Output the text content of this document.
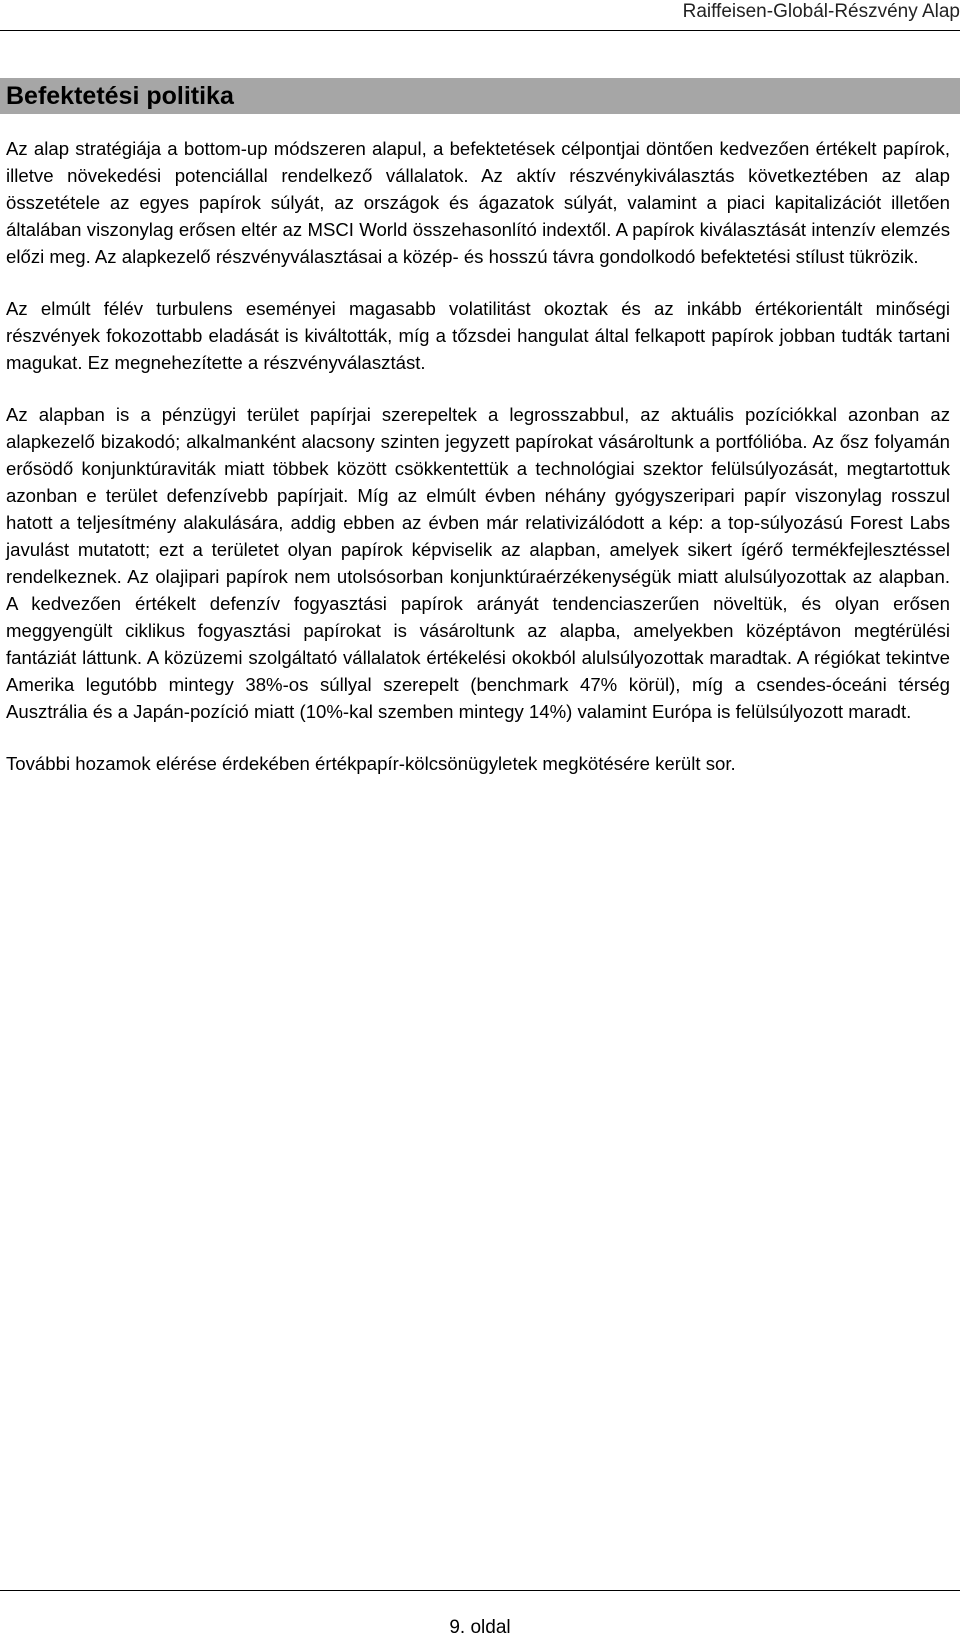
Raiffeisen-Globál-Részvény Alap
Befektetési politika

Az alap stratégiája a bottom-up módszeren alapul, a befektetések célpontjai döntően kedvezően értékelt papírok, illetve növekedési potenciállal rendelkező vállalatok. Az aktív részvénykiválasztás következtében az alap összetétele az egyes papírok súlyát, az országok és ágazatok súlyát, valamint a piaci kapitalizációt illetően általában viszonylag erősen eltér az MSCI World összehasonlító indextől. A papírok kiválasztását intenzív elemzés előzi meg. Az alapkezelő részvényválasztásai a közép- és hosszú távra gondolkodó befektetési stílust tükrözik.

Az elmúlt félév turbulens eseményei magasabb volatilitást okoztak és az inkább értékorientált minőségi részvények fokozottabb eladását is kiváltották, míg a tőzsdei hangulat által felkapott papírok jobban tudták tartani magukat. Ez megnehezítette a részvényválasztást.

Az alapban is a pénzügyi terület papírjai szerepeltek a legrosszabbul, az aktuális pozíciókkal azonban az alapkezelő bizakodó; alkalmanként alacsony szinten jegyzett papírokat vásároltunk a portfólióba. Az ősz folyamán erősödő konjunktúraviták miatt többek között csökkentettük a technológiai szektor felülsúlyozását, megtartottuk azonban e terület defenzívebb papírjait. Míg az elmúlt évben néhány gyógyszeripari papír viszonylag rosszul hatott a teljesítmény alakulására, addig ebben az évben már relativizálódott a kép: a top-súlyozású Forest Labs javulást mutatott; ezt a területet olyan papírok képviselik az alapban, amelyek sikert ígérő termékfejlesztéssel rendelkeznek. Az olajipari papírok nem utolsósorban konjunktúraérzékenységük miatt alulsúlyozottak az alapban. A kedvezően értékelt defenzív fogyasztási papírok arányát tendenciaszerűen növeltük, és olyan erősen meggyengült ciklikus fogyasztási papírokat is vásároltunk az alapba, amelyekben középtávon megtérülési fantáziát láttunk. A közüzemi szolgáltató vállalatok értékelési okokból alulsúlyozottak maradtak. A régiókat tekintve Amerika legutóbb mintegy 38%-os súllyal szerepelt (benchmark 47% körül), míg a csendes-óceáni térség Ausztrália és a Japán-pozíció miatt (10%-kal szemben mintegy 14%) valamint Európa is felülsúlyozott maradt.

További hozamok elérése érdekében értékpapír-kölcsönügyletek megkötésére került sor.

9. oldal
